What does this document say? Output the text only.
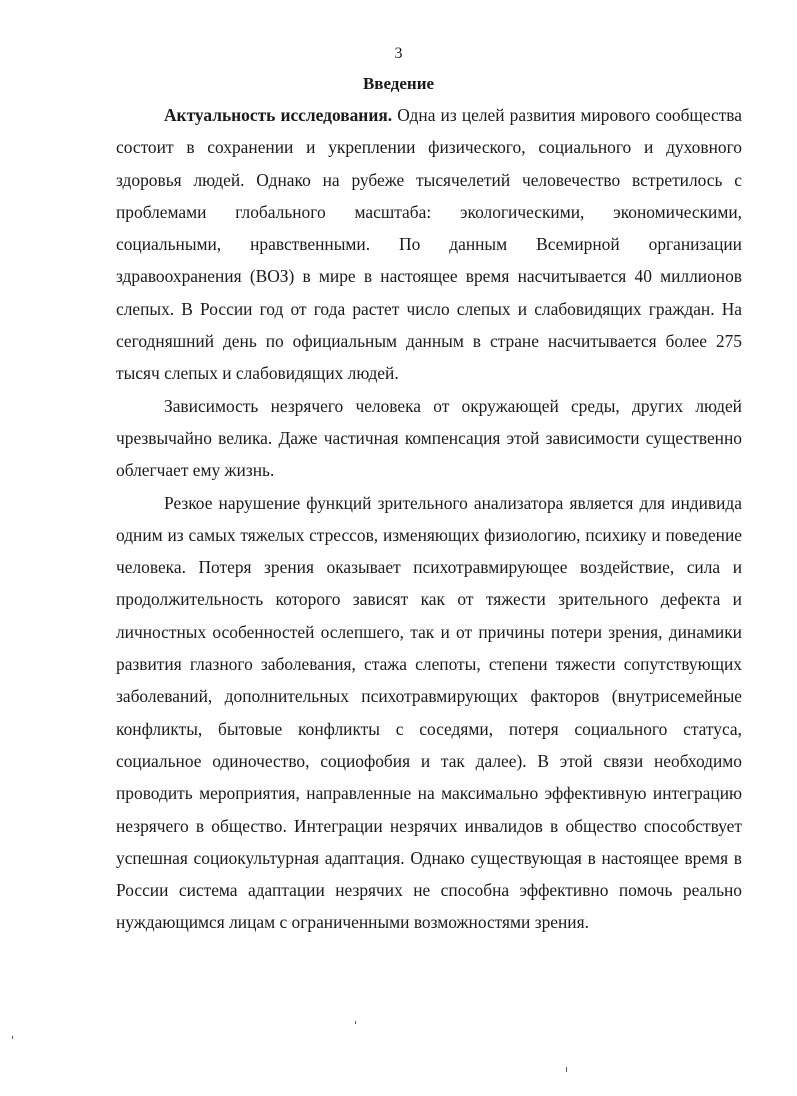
3
Введение

Актуальность исследования. Одна из целей развития мирового сообщества состоит в сохранении и укреплении физического, социального и духовного здоровья людей. Однако на рубеже тысячелетий человечество встретилось с проблемами глобального масштаба: экологическими, экономическими, социальными, нравственными. По данным Всемирной организации здравоохранения (ВОЗ) в мире в настоящее время насчитывается 40 миллионов слепых. В России год от года растет число слепых и слабовидящих граждан. На сегодняшний день по официальным данным в стране насчитывается более 275 тысяч слепых и слабовидящих людей.

Зависимость незрячего человека от окружающей среды, других людей чрезвычайно велика. Даже частичная компенсация этой зависимости существенно облегчает ему жизнь.

Резкое нарушение функций зрительного анализатора является для индивида одним из самых тяжелых стрессов, изменяющих физиологию, психику и поведение человека. Потеря зрения оказывает психотравмирующее воздействие, сила и продолжительность которого зависят как от тяжести зрительного дефекта и личностных особенностей ослепшего, так и от причины потери зрения, динамики развития глазного заболевания, стажа слепоты, степени тяжести сопутствующих заболеваний, дополнительных психотравмирующих факторов (внутрисемейные конфликты, бытовые конфликты с соседями, потеря социального статуса, социальное одиночество, социофобия и так далее). В этой связи необходимо проводить мероприятия, направленные на максимально эффективную интеграцию незрячего в общество. Интеграции незрячих инвалидов в общество способствует успешная социокультурная адаптация. Однако существующая в настоящее время в России система адаптации незрячих не способна эффективно помочь реально нуждающимся лицам с ограниченными возможностями зрения.
